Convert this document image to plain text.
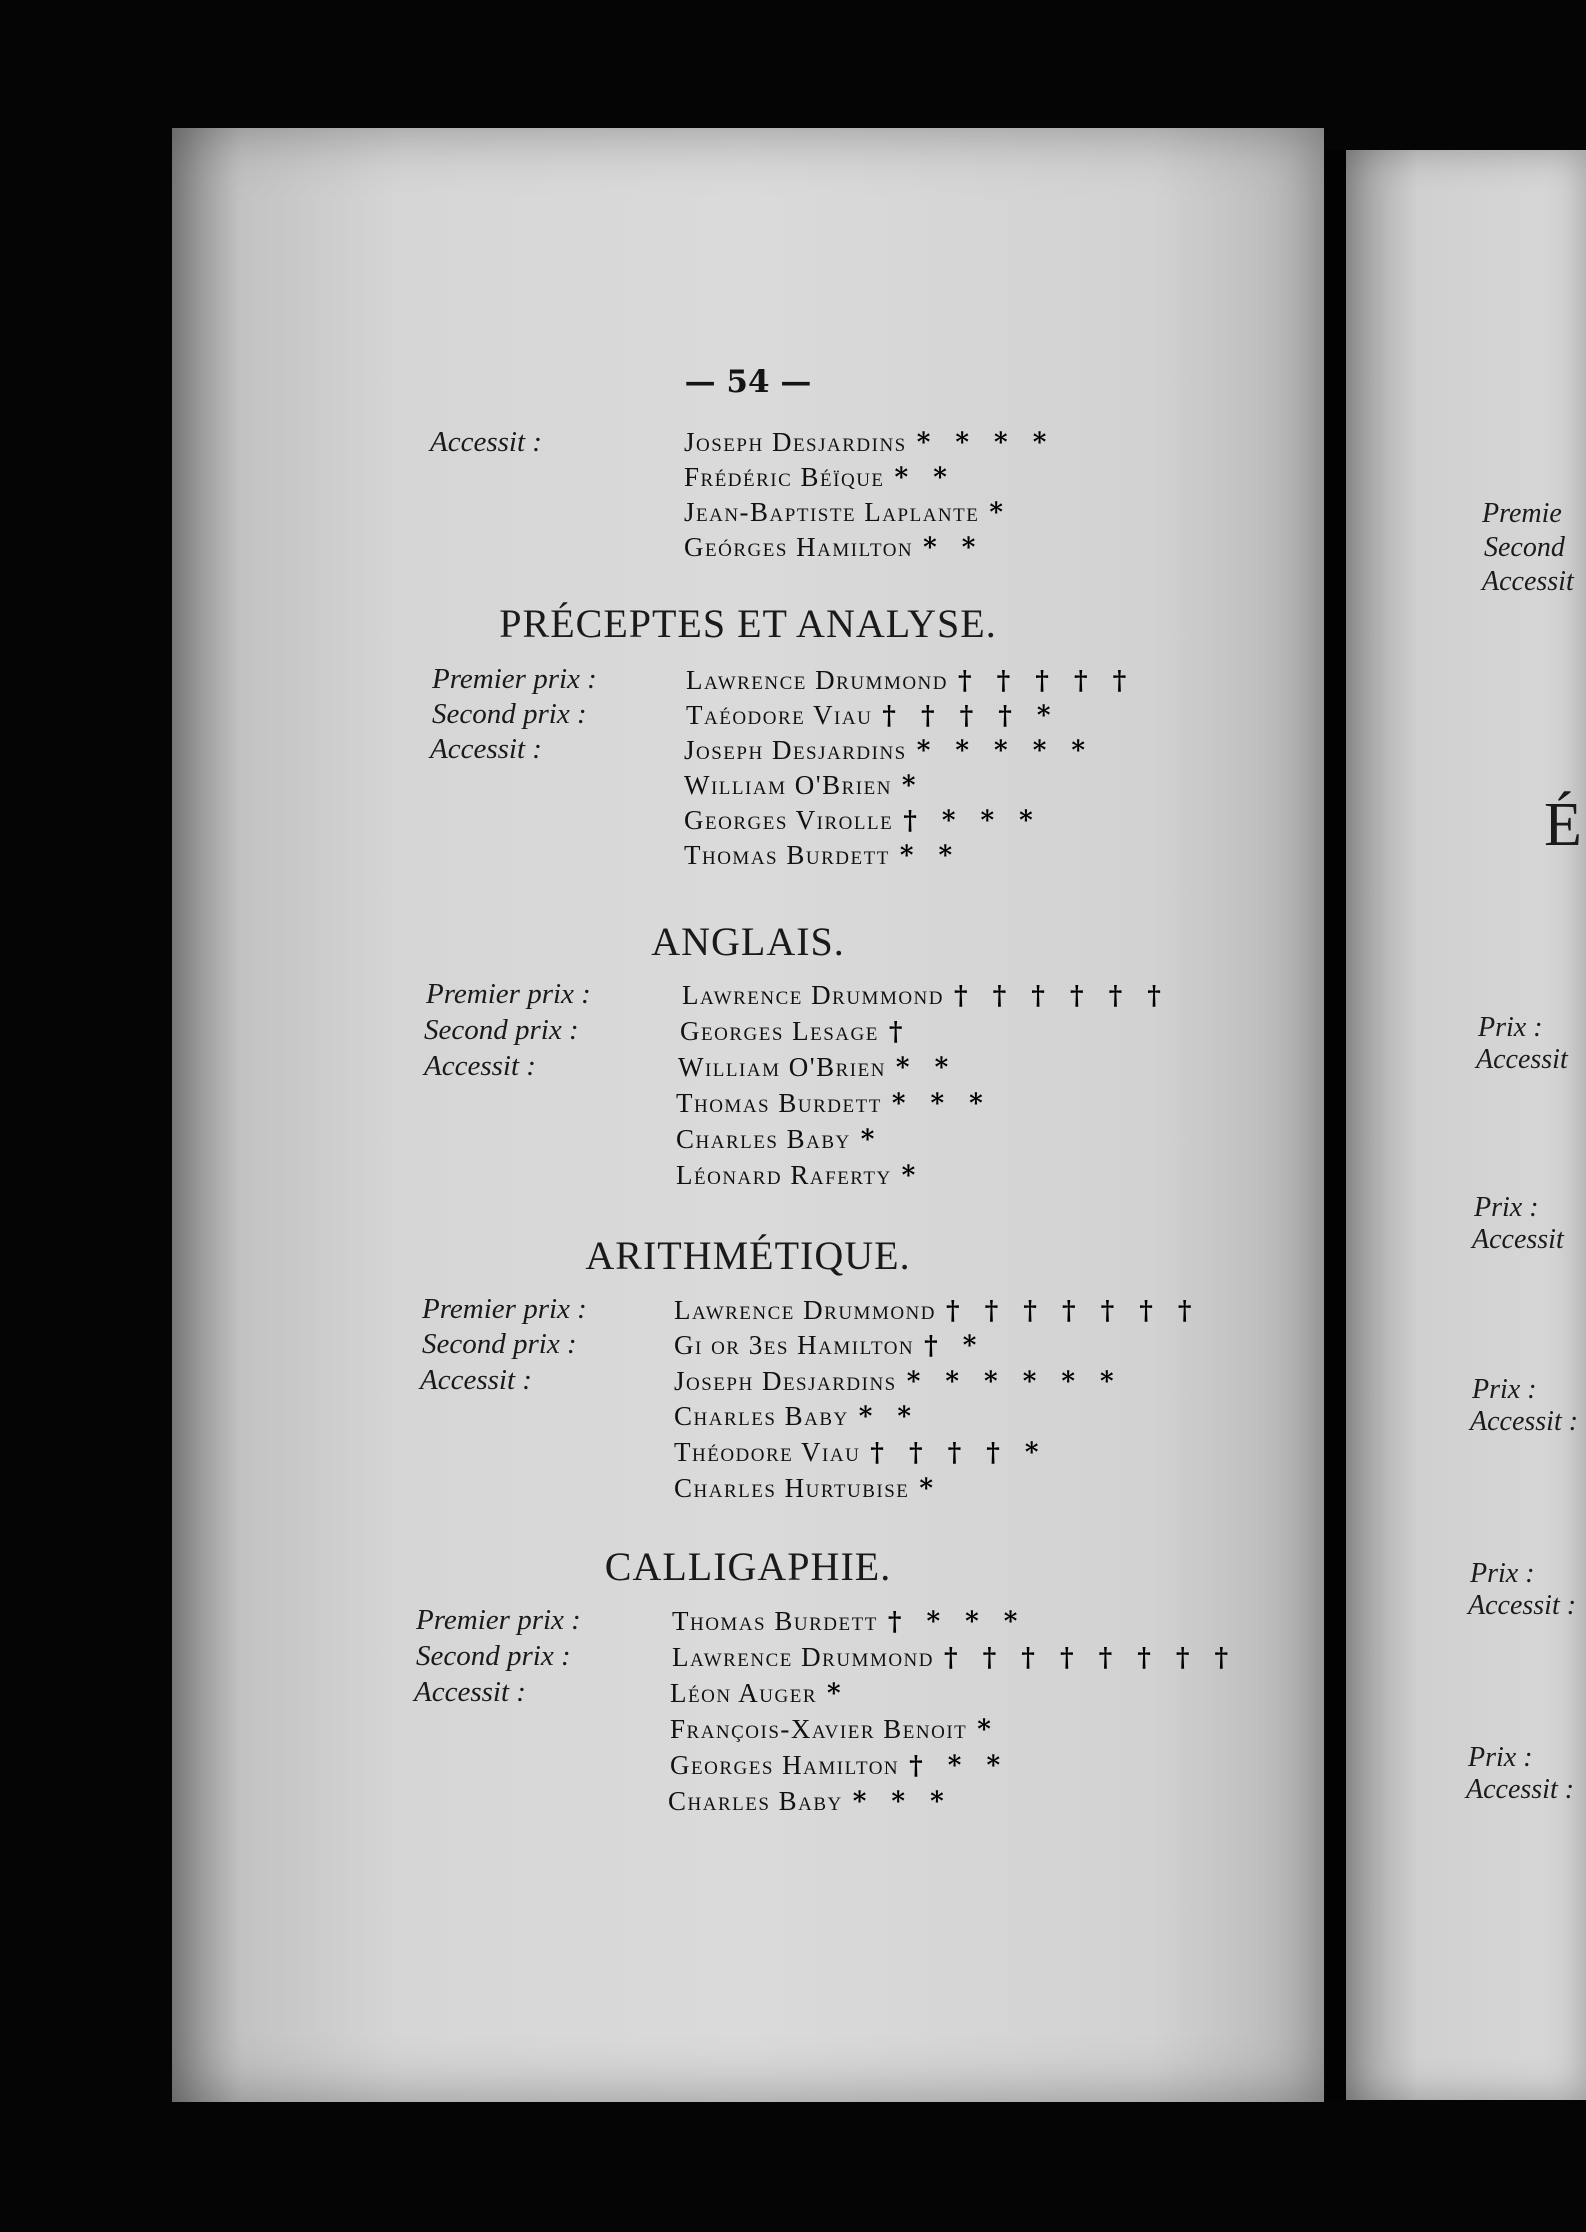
— 54 —
Accessit :	Joseph Desjardins * * * *
Frédéric Béïque * *
Jean-Baptiste Laplante *
Geórges Hamilton * *
PRÉCEPTES ET ANALYSE.
Premier prix :	Lawrence Drummond † † † † †
Second prix :	Taéodore Viau † † † † *
Accessit :	Joseph Desjardins * * * * *
William O'Brien *
Georges Virolle † * * *
Thomas Burdett * *
ANGLAIS.
Premier prix :	Lawrence Drummond † † † † † †
Second prix :	Georges Lesage †
Accessit :	William O'Brien * *
Thomas Burdett * * *
Charles Baby *
Léonard Raferty *
ARITHMÉTIQUE.
Premier prix :	Lawrence Drummond † † † † † † †
Second prix :	Gi or 3es Hamilton † *
Accessit :	Joseph Desjardins * * * * * *
Charles Baby * *
Théodore Viau † † † † *
Charles Hurtubise *
CALLIGAPHIE.
Premier prix :	Thomas Burdett † * * *
Second prix :	Lawrence Drummond † † † † † † † †
Accessit :	Léon Auger *
François-Xavier Benoit *
Georges Hamilton † * *
Charles Baby * * *
Premie
Second
Accessit
É
Prix :
Accessit
Prix :
Accessit
Prix :
Accessit :
Prix :
Accessit :
Prix :
Accessit :
